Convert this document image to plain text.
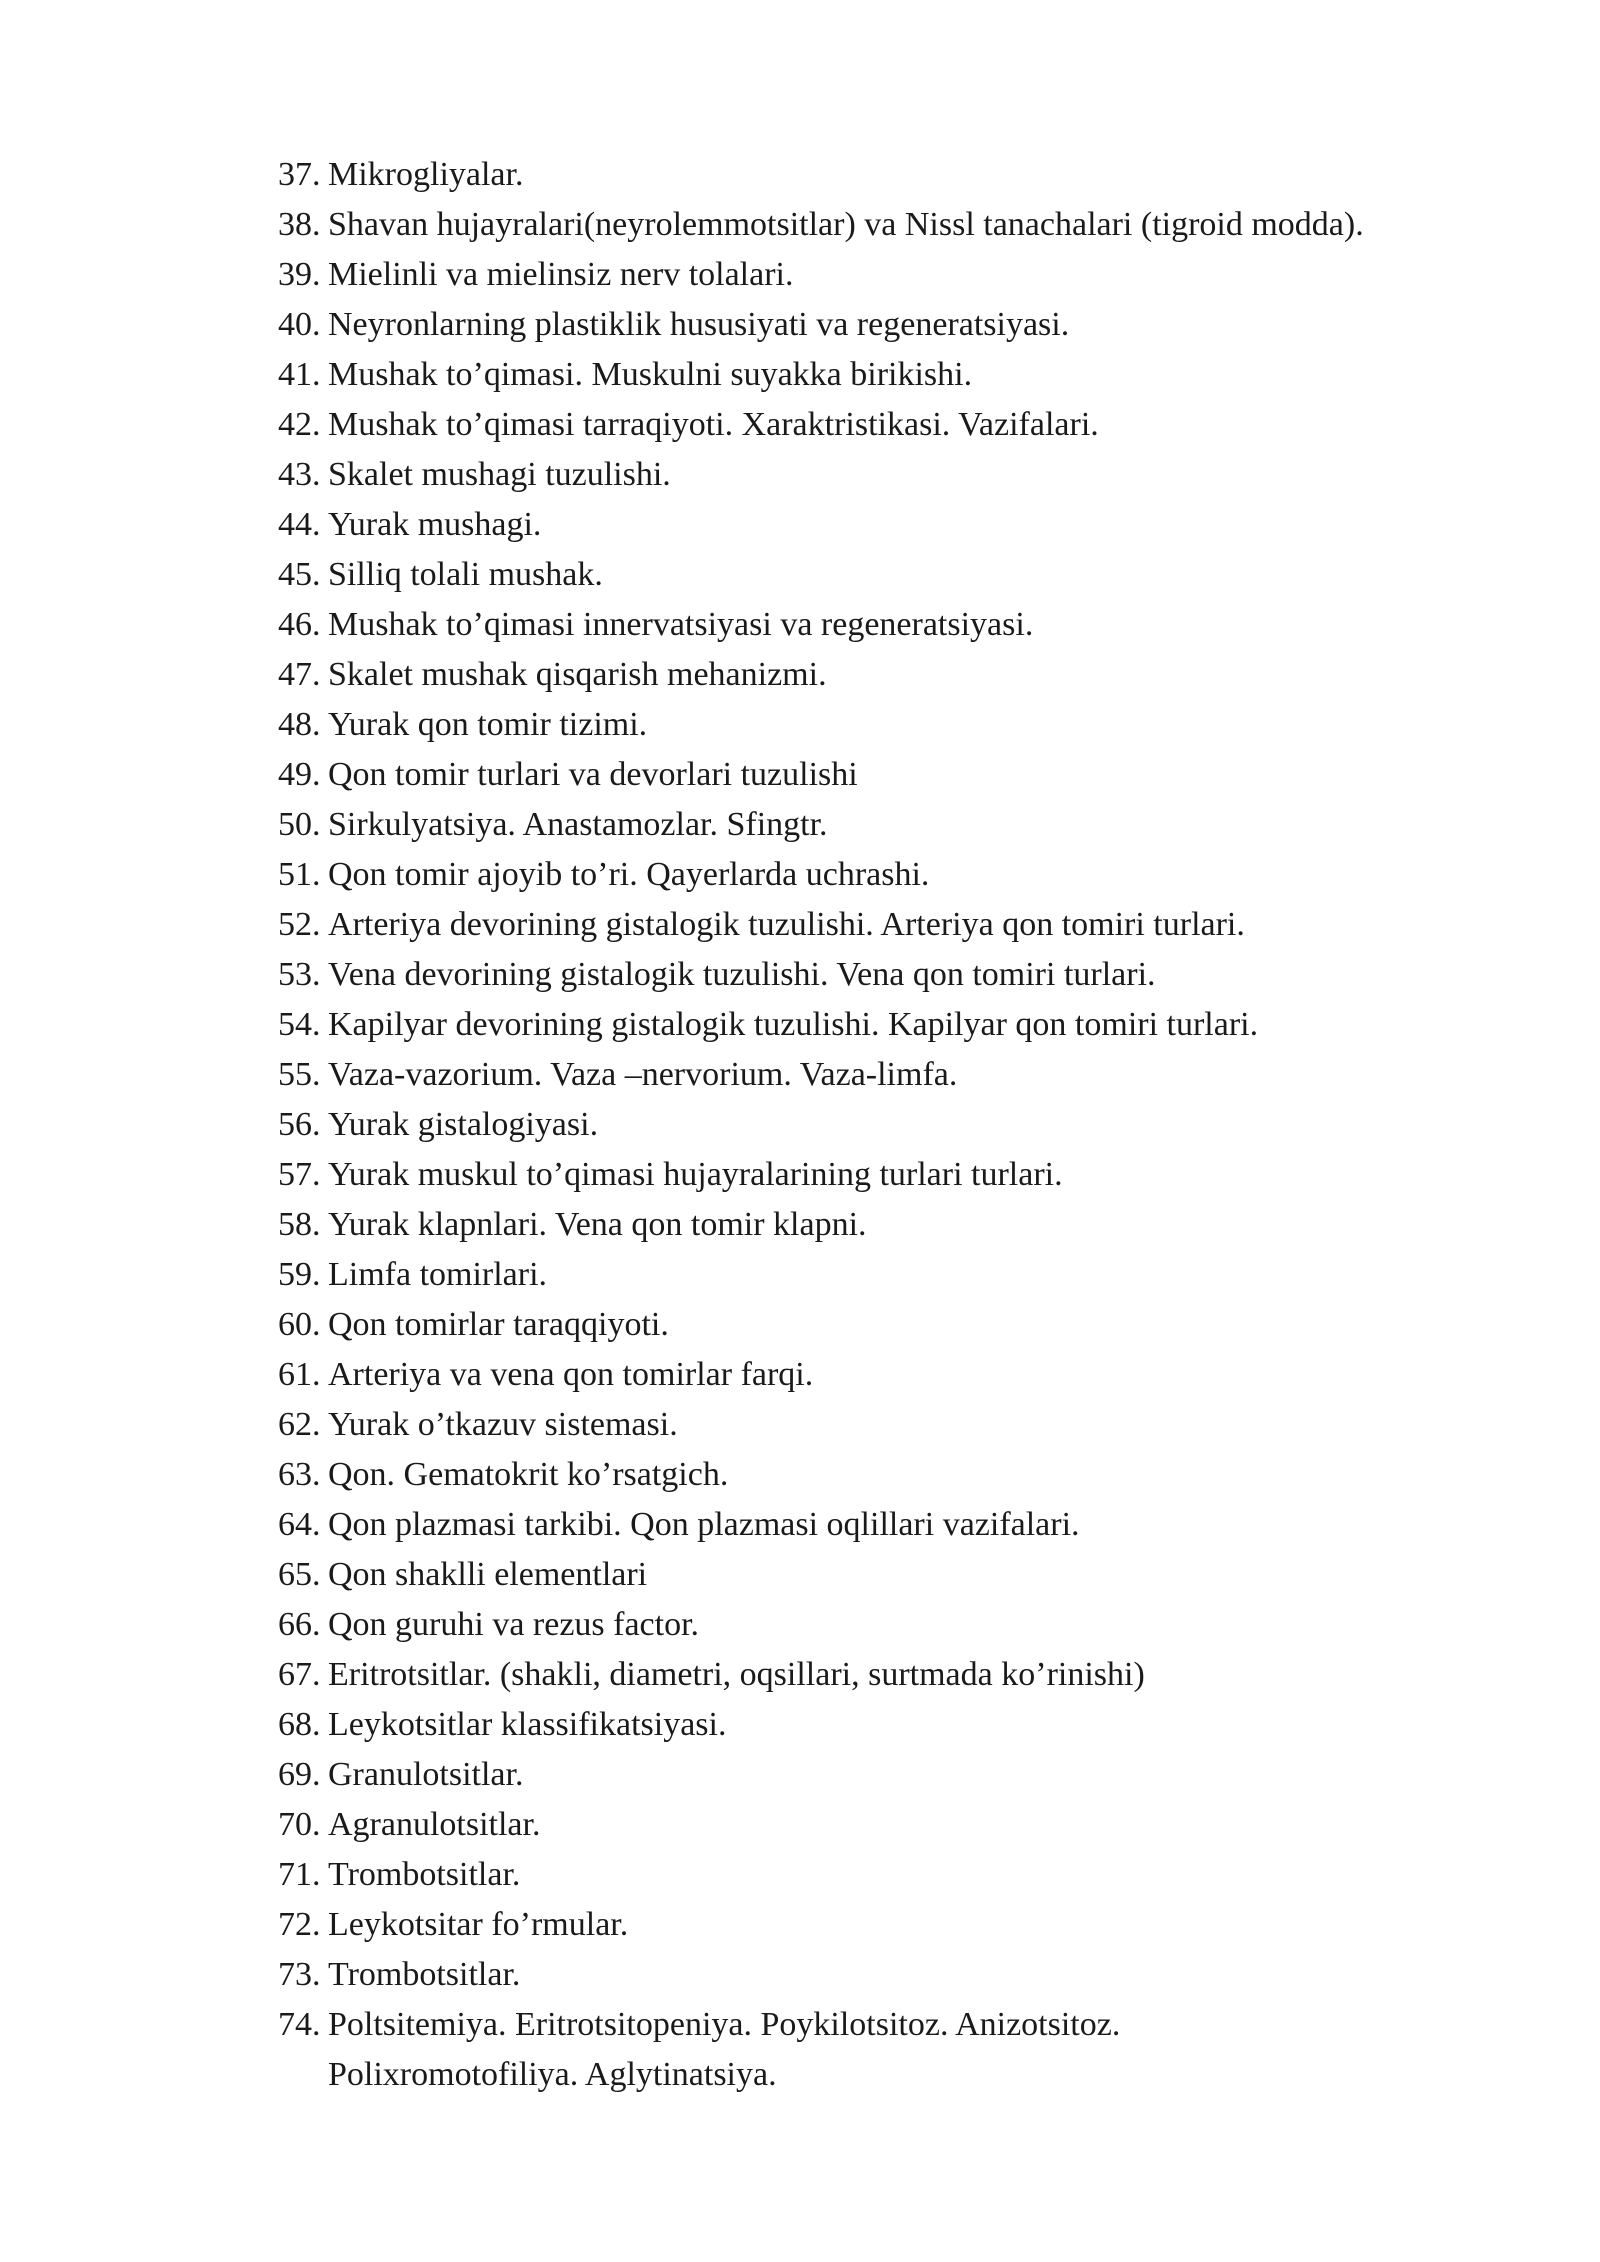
37. Mikrogliyalar.
38. Shavan hujayralari(neyrolemmotsitlar) va Nissl tanachalari (tigroid modda).
39. Mielinli va mielinsiz nerv tolalari.
40. Neyronlarning plastiklik hususiyati va regeneratsiyasi.
41. Mushak to’qimasi. Muskulni suyakka birikishi.
42. Mushak to’qimasi tarraqiyoti. Xaraktristikasi. Vazifalari.
43. Skalet mushagi tuzulishi.
44. Yurak mushagi.
45. Silliq tolali mushak.
46. Mushak to’qimasi innervatsiyasi va regeneratsiyasi.
47. Skalet mushak qisqarish mehanizmi.
48. Yurak qon tomir tizimi.
49. Qon tomir turlari va devorlari tuzulishi
50. Sirkulyatsiya. Anastamozlar. Sfingtr.
51. Qon tomir ajoyib to’ri. Qayerlarda uchrashi.
52. Arteriya devorining gistalogik tuzulishi. Arteriya qon tomiri turlari.
53. Vena devorining gistalogik tuzulishi. Vena qon tomiri turlari.
54. Kapilyar devorining gistalogik tuzulishi. Kapilyar qon tomiri turlari.
55. Vaza-vazorium. Vaza –nervorium. Vaza-limfa.
56. Yurak gistalogiyasi.
57. Yurak muskul to’qimasi hujayralarining turlari turlari.
58. Yurak klapnlari. Vena qon tomir klapni.
59. Limfa tomirlari.
60. Qon tomirlar taraqqiyoti.
61. Arteriya va vena qon tomirlar farqi.
62. Yurak o’tkazuv sistemasi.
63. Qon. Gematokrit ko’rsatgich.
64. Qon plazmasi tarkibi. Qon plazmasi oqlillari vazifalari.
65. Qon shaklli elementlari
66. Qon guruhi va rezus factor.
67. Eritrotsitlar. (shakli, diametri, oqsillari, surtmada ko’rinishi)
68. Leykotsitlar klassifikatsiyasi.
69. Granulotsitlar.
70. Agranulotsitlar.
71. Trombotsitlar.
72. Leykotsitar fo’rmular.
73. Trombotsitlar.
74. Poltsitemiya. Eritrotsitopeniya. Poykilotsitoz. Anizotsitoz.
Polixromotofiliya. Aglytinatsiya.
